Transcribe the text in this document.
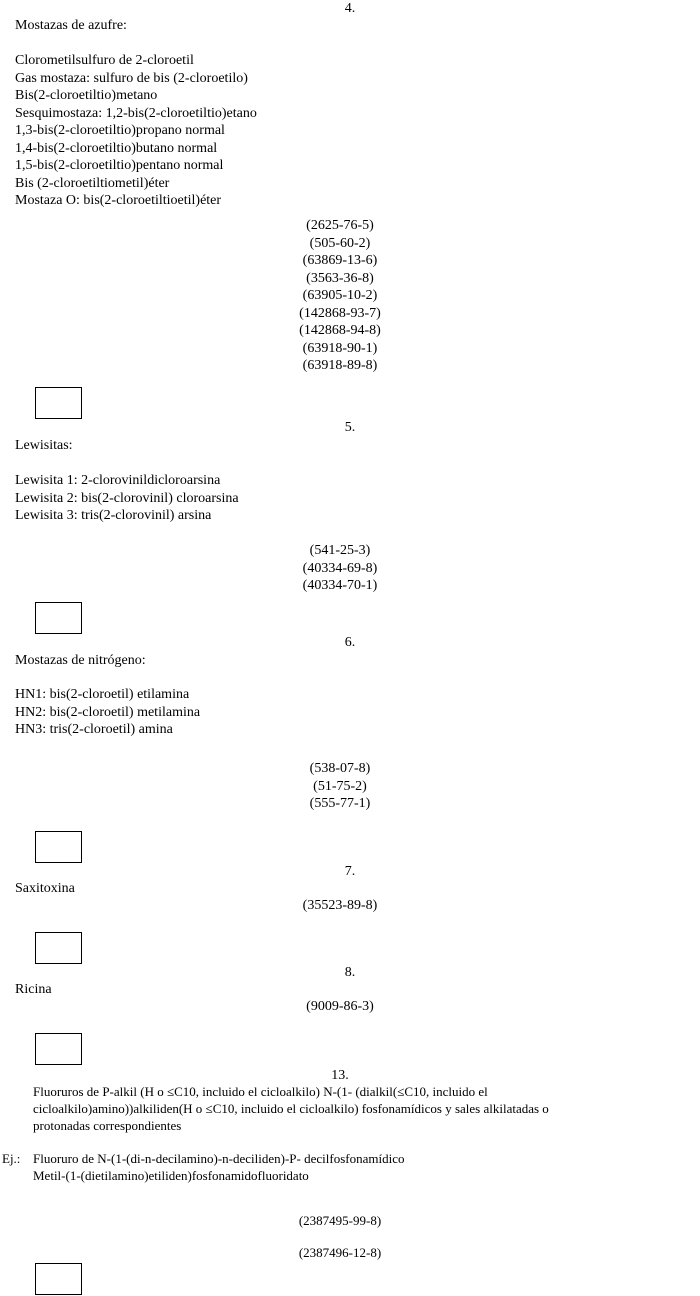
4.
Mostazas de azufre:
Clorometilsulfuro de 2-cloroetil
Gas mostaza: sulfuro de bis (2-cloroetilo)
Bis(2-cloroetiltio)metano
Sesquimostaza: 1,2-bis(2-cloroetiltio)etano
1,3-bis(2-cloroetiltio)propano normal
1,4-bis(2-cloroetiltio)butano normal
1,5-bis(2-cloroetiltio)pentano normal
Bis (2-cloroetiltiometil)éter
Mostaza O: bis(2-cloroetiltioetil)éter
(2625-76-5)
(505-60-2)
(63869-13-6)
(3563-36-8)
(63905-10-2)
(142868-93-7)
(142868-94-8)
(63918-90-1)
(63918-89-8)
5.
Lewisitas:
Lewisita 1: 2-clorovinildicloroarsina
Lewisita 2: bis(2-clorovinil) cloroarsina
Lewisita 3: tris(2-clorovinil) arsina
(541-25-3)
(40334-69-8)
(40334-70-1)
6.
Mostazas de nitrógeno:
HN1: bis(2-cloroetil) etilamina
HN2: bis(2-cloroetil) metilamina
HN3: tris(2-cloroetil) amina
(538-07-8)
(51-75-2)
(555-77-1)
7.
Saxitoxina
(35523-89-8)
8.
Ricina
(9009-86-3)
13.
Fluoruros de P-alkil (H o ≤C10, incluido el cicloalkilo) N-(1- (dialkil(≤C10, incluido el
cicloalkilo)amino))alkiliden(H o ≤C10, incluido el cicloalkilo) fosfonamídicos y sales alkilatadas o
protonadas correspondientes
Ej.: Fluoruro de N-(1-(di-n-decilamino)-n-deciliden)-P- decilfosfonamídico
Metil-(1-(dietilamino)etiliden)fosfonamidofluoridato
(2387495-99-8)
(2387496-12-8)
